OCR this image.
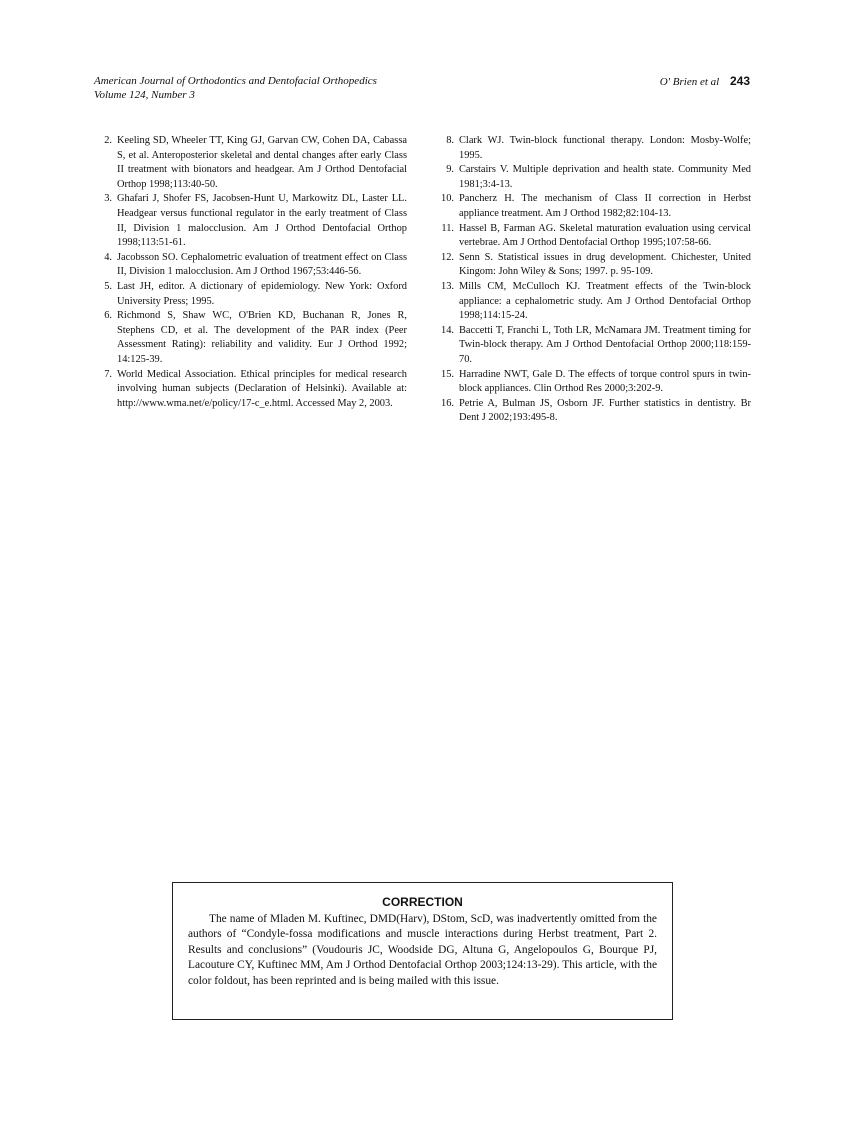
American Journal of Orthodontics and Dentofacial Orthopedics
Volume 124, Number 3
O' Brien et al 243
2. Keeling SD, Wheeler TT, King GJ, Garvan CW, Cohen DA, Cabassa S, et al. Anteroposterior skeletal and dental changes after early Class II treatment with bionators and headgear. Am J Orthod Dentofacial Orthop 1998;113:40-50.
3. Ghafari J, Shofer FS, Jacobsen-Hunt U, Markowitz DL, Laster LL. Headgear versus functional regulator in the early treatment of Class II, Division 1 malocclusion. Am J Orthod Dentofacial Orthop 1998;113:51-61.
4. Jacobsson SO. Cephalometric evaluation of treatment effect on Class II, Division 1 malocclusion. Am J Orthod 1967;53:446-56.
5. Last JH, editor. A dictionary of epidemiology. New York: Oxford University Press; 1995.
6. Richmond S, Shaw WC, O'Brien KD, Buchanan R, Jones R, Stephens CD, et al. The development of the PAR index (Peer Assessment Rating): reliability and validity. Eur J Orthod 1992; 14:125-39.
7. World Medical Association. Ethical principles for medical research involving human subjects (Declaration of Helsinki). Available at: http://www.wma.net/e/policy/17-c_e.html. Accessed May 2, 2003.
8. Clark WJ. Twin-block functional therapy. London: Mosby-Wolfe; 1995.
9. Carstairs V. Multiple deprivation and health state. Community Med 1981;3:4-13.
10. Pancherz H. The mechanism of Class II correction in Herbst appliance treatment. Am J Orthod 1982;82:104-13.
11. Hassel B, Farman AG. Skeletal maturation evaluation using cervical vertebrae. Am J Orthod Dentofacial Orthop 1995;107:58-66.
12. Senn S. Statistical issues in drug development. Chichester, United Kingom: John Wiley & Sons; 1997. p. 95-109.
13. Mills CM, McCulloch KJ. Treatment effects of the Twin-block appliance: a cephalometric study. Am J Orthod Dentofacial Orthop 1998;114:15-24.
14. Baccetti T, Franchi L, Toth LR, McNamara JM. Treatment timing for Twin-block therapy. Am J Orthod Dentofacial Orthop 2000;118:159-70.
15. Harradine NWT, Gale D. The effects of torque control spurs in twin-block appliances. Clin Orthod Res 2000;3:202-9.
16. Petrie A, Bulman JS, Osborn JF. Further statistics in dentistry. Br Dent J 2002;193:495-8.
CORRECTION

The name of Mladen M. Kuftinec, DMD(Harv), DStom, ScD, was inadvertently omitted from the authors of “Condyle-fossa modifications and muscle interactions during Herbst treatment, Part 2. Results and conclusions” (Voudouris JC, Woodside DG, Altuna G, Angelopoulos G, Bourque PJ, Lacouture CY, Kuftinec MM, Am J Orthod Dentofacial Orthop 2003;124:13-29). This article, with the color foldout, has been reprinted and is being mailed with this issue.
